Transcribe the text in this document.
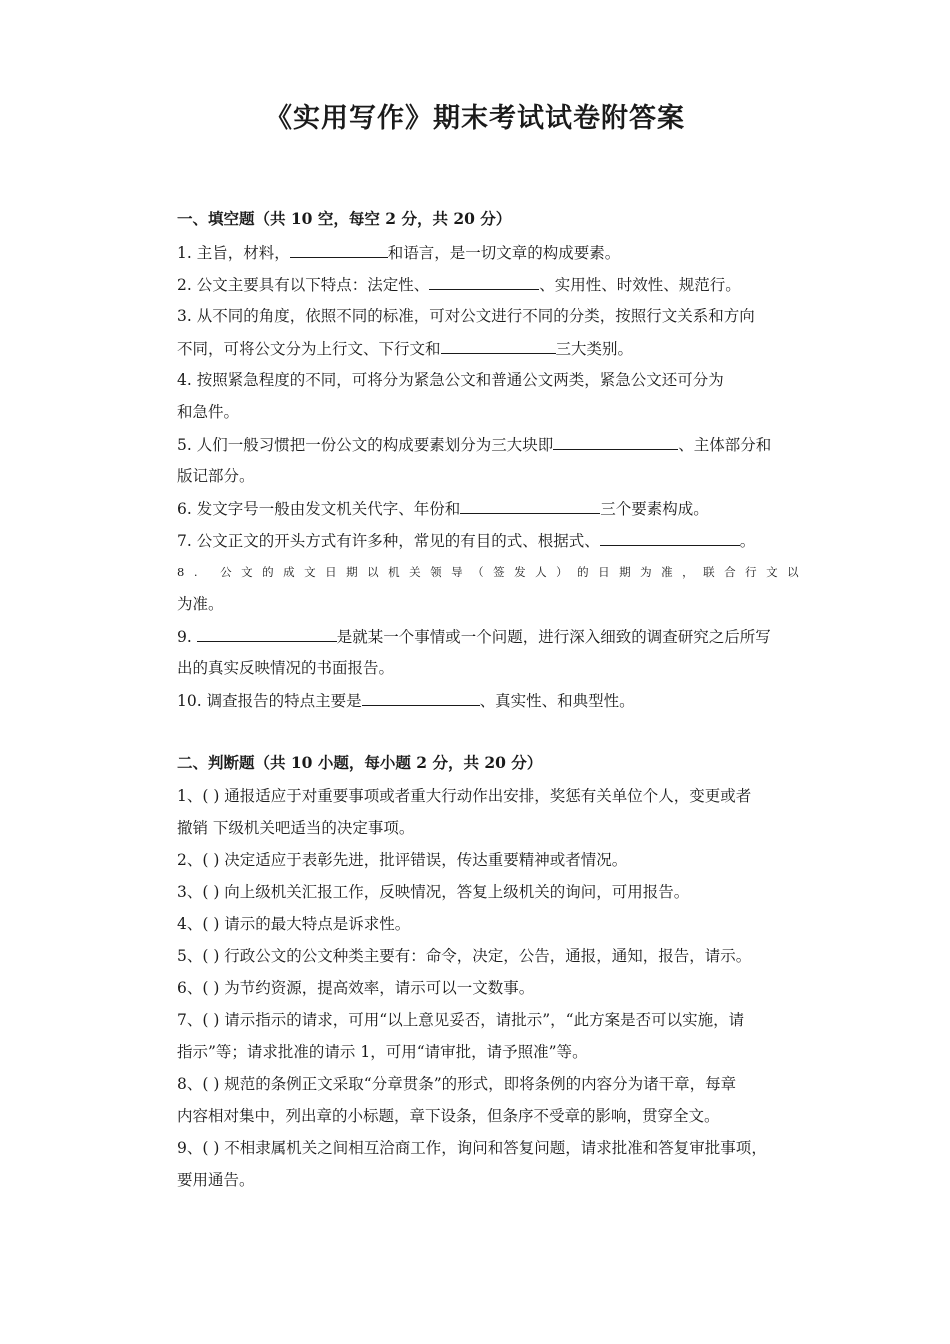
《实用写作》期末考试试卷附答案
一、填空题（共 10 空，每空 2 分，共 20 分）
1. 主旨，材料，	和语言，是一切文章的构成要素。
2. 公文主要具有以下特点：法定性、	、实用性、时效性、规范行。
3. 从不同的角度，依照不同的标准，可对公文进行不同的分类，按照行文关系和方向
不同，可将公文分为上行文、下行文和	三大类别。
4. 按照紧急程度的不同，可将分为紧急公文和普通公文两类，紧急公文还可分为
和急件。
5. 人们一般习惯把一份公文的构成要素划分为三大块即	、主体部分和
版记部分。
6. 发文字号一般由发文机关代字、年份和	三个要素构成。
7. 公文正文的开头方式有许多种，常见的有目的式、根据式、	。
8. 公文的成文日期以机关领导（签发人）的日期为准，联合行文以
为准。
9.	是就某一个事情或一个问题，进行深入细致的调查研究之后所写
出的真实反映情况的书面报告。
10. 调查报告的特点主要是	、真实性、和典型性。
二、判断题（共 10 小题，每小题 2 分，共 20 分）
1、( ) 通报适应于对重要事项或者重大行动作出安排，奖惩有关单位个人，变更或者
撤销 下级机关吧适当的决定事项。
2、( ) 决定适应于表彰先进，批评错误，传达重要精神或者情况。
3、( ) 向上级机关汇报工作，反映情况，答复上级机关的询问，可用报告。
4、( ) 请示的最大特点是诉求性。
5、( ) 行政公文的公文种类主要有：命令，决定，公告，通报，通知，报告，请示。
6、( ) 为节约资源，提高效率，请示可以一文数事。
7、( ) 请示指示的请求，可用“以上意见妥否，请批示”，“此方案是否可以实施，请
指示”等；请求批准的请示 1，可用“请审批，请予照准”等。
8、( ) 规范的条例正文采取“分章贯条”的形式，即将条例的内容分为诸干章，每章
内容相对集中，列出章的小标题，章下设条，但条序不受章的影响，贯穿全文。
9、( ) 不相隶属机关之间相互洽商工作，询问和答复问题，请求批准和答复审批事项，
要用通告。
